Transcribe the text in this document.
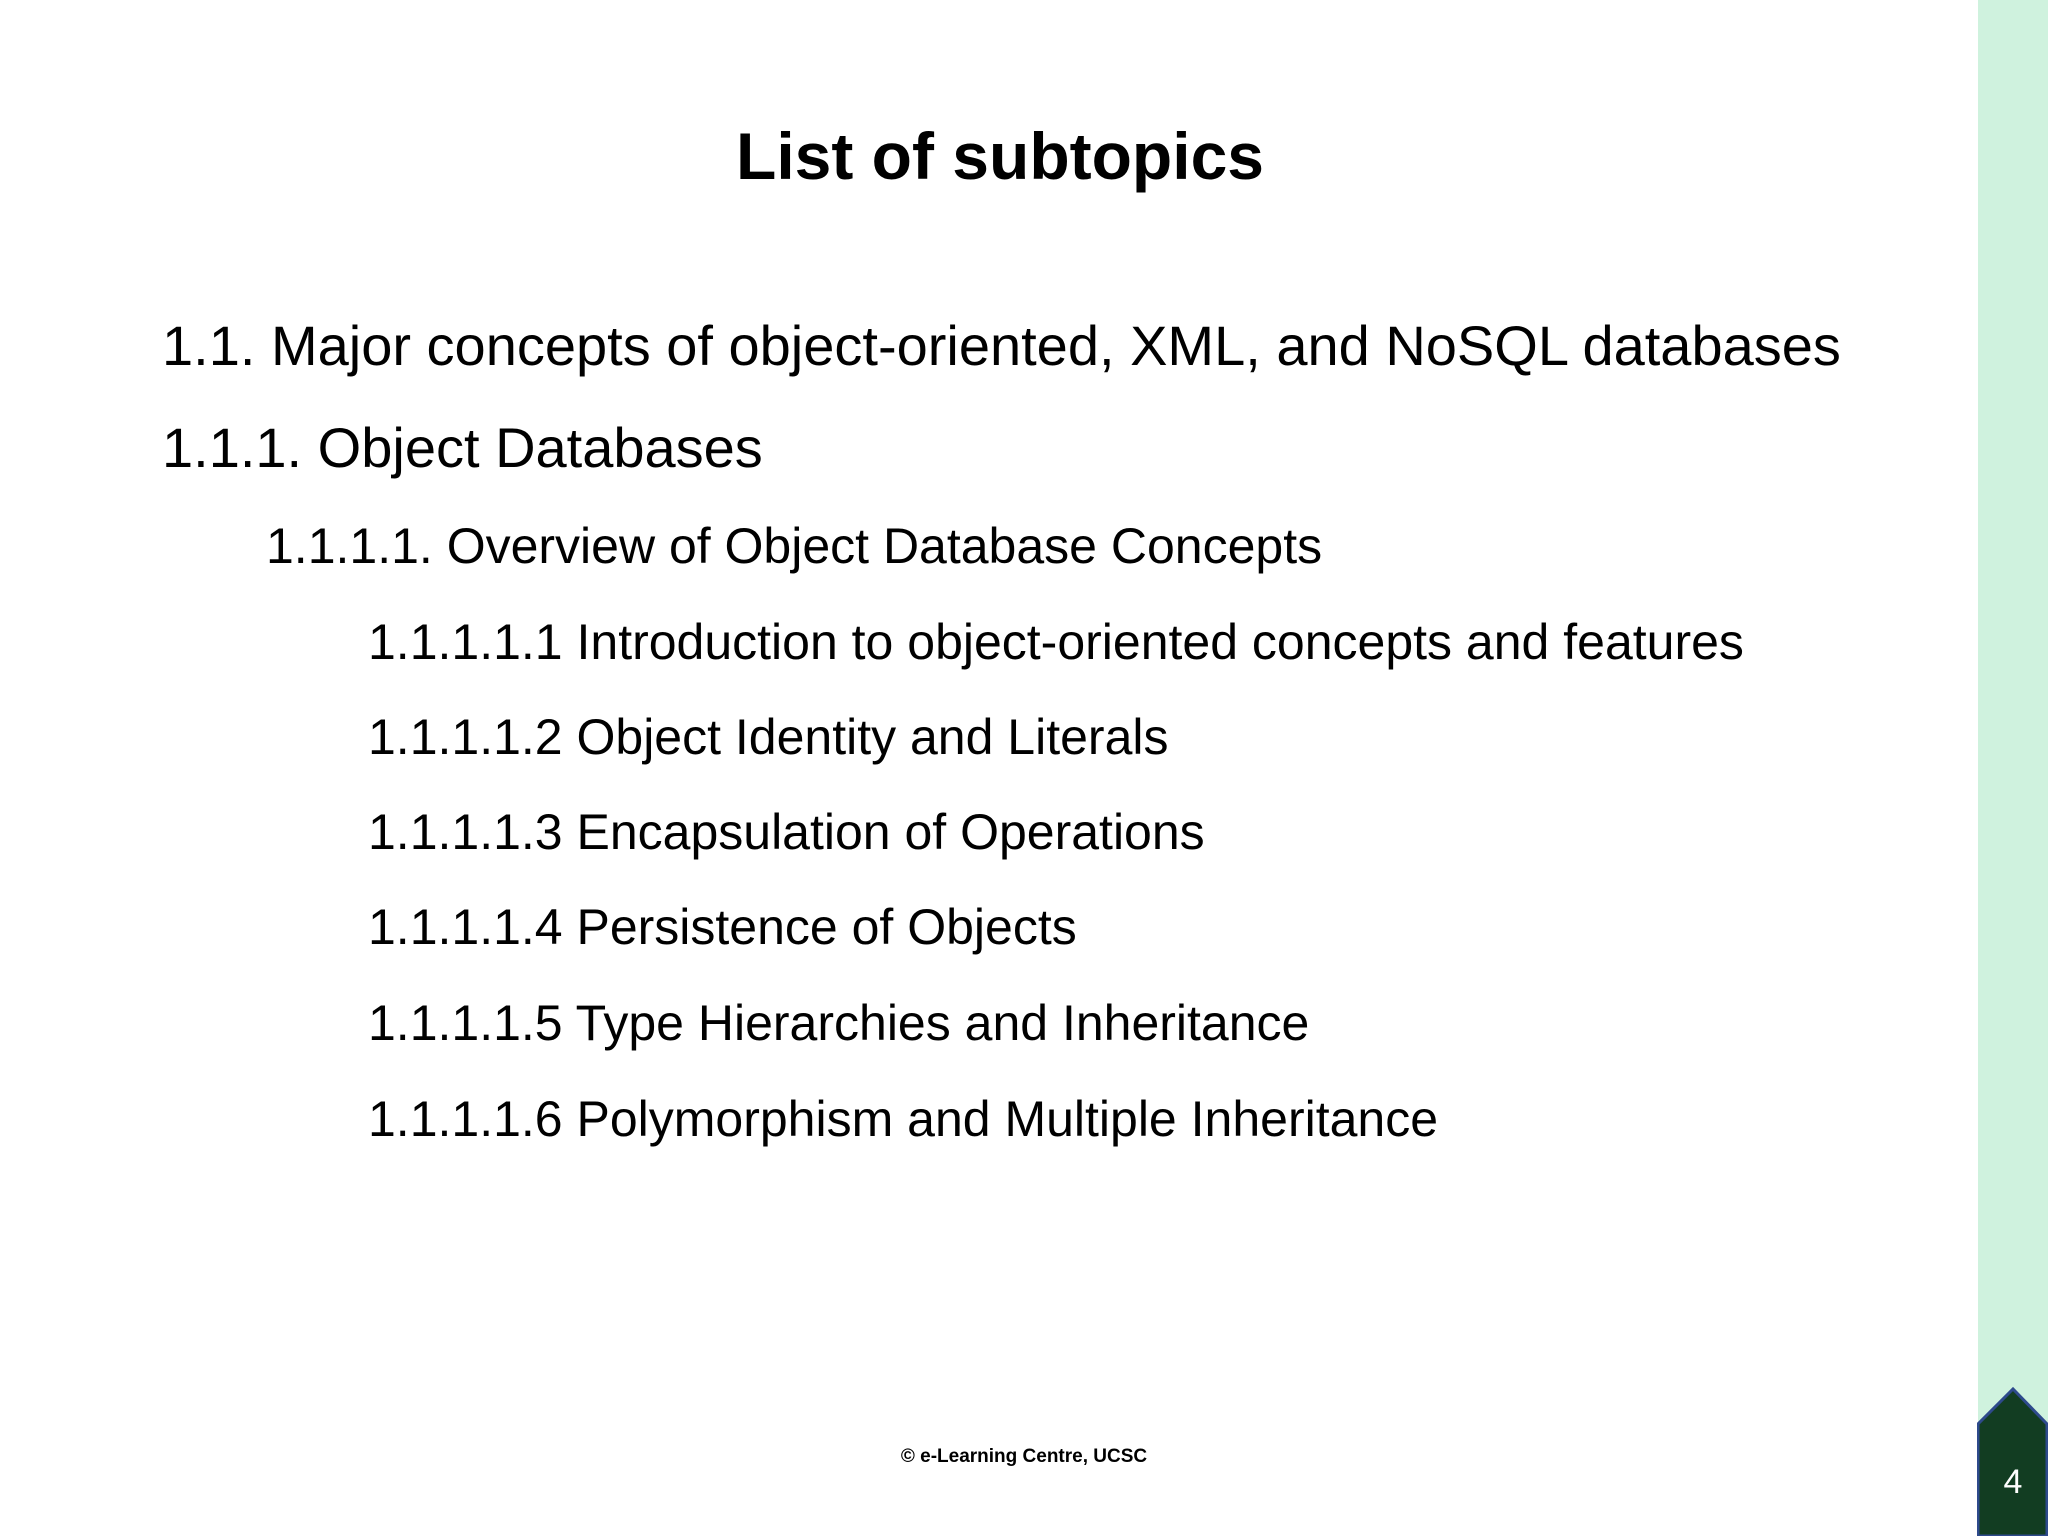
List of subtopics
1.1. Major concepts of object-oriented, XML, and NoSQL databases
1.1.1. Object Databases
1.1.1.1. Overview of Object Database Concepts
1.1.1.1.1 Introduction to object-oriented concepts and features
1.1.1.1.2 Object Identity and Literals
1.1.1.1.3 Encapsulation of Operations
1.1.1.1.4 Persistence of Objects
1.1.1.1.5 Type Hierarchies and Inheritance
1.1.1.1.6 Polymorphism and Multiple Inheritance
© e-Learning Centre, UCSC
4
